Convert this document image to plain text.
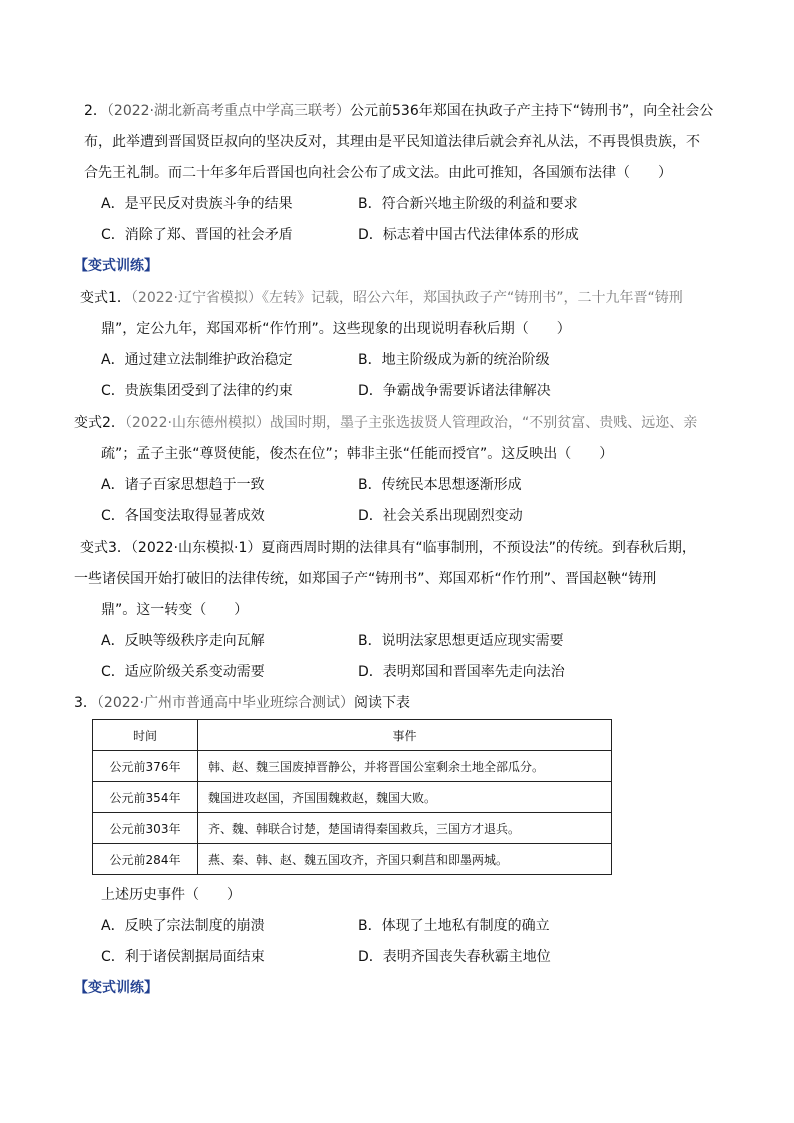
2．（2022·湖北新高考重点中学高三联考）公元前536年郑国在执政子产主持下“铸刑书”，向全社会公
布，此举遭到晋国贤臣叔向的坚决反对，其理由是平民知道法律后就会弃礼从法，不再畏惧贵族，不
合先王礼制。而二十年多年后晋国也向社会公布了成文法。由此可推知，各国颁布法律（　　）
A．是平民反对贵族斗争的结果	B．符合新兴地主阶级的利益和要求
C．消除了郑、晋国的社会矛盾	D．标志着中国古代法律体系的形成
【变式训练】
变式1．（2022·辽宁省模拟）《左转》记载，昭公六年，郑国执政子产“铸刑书”，二十九年晋“铸刑
鼎”，定公九年，郑国邓析“作竹刑”。这些现象的出现说明春秋后期（　　）
A．通过建立法制维护政治稳定	B．地主阶级成为新的统治阶级
C．贵族集团受到了法律的约束	D．争霸战争需要诉诸法律解决
变式2．（2022·山东德州模拟）战国时期，墨子主张选拔贤人管理政治，“不别贫富、贵贱、远迩、亲
疏”；孟子主张“尊贤使能，俊杰在位”；韩非主张“任能而授官”。这反映出（　　）
A．诸子百家思想趋于一致	B．传统民本思想逐渐形成
C．各国变法取得显著成效	D．社会关系出现剧烈变动
变式3．（2022·山东模拟·1）夏商西周时期的法律具有“临事制刑，不预设法”的传统。到春秋后期，
一些诸侯国开始打破旧的法律传统，如郑国子产“铸刑书”、郑国邓析“作竹刑”、晋国赵鞅“铸刑
鼎”。这一转变（　　）
A．反映等级秩序走向瓦解	B．说明法家思想更适应现实需要
C．适应阶级关系变动需要	D．表明郑国和晋国率先走向法治
3．（2022·广州市普通高中毕业班综合测试）阅读下表
时间	事件
公元前376年	韩、赵、魏三国废掉晋静公，并将晋国公室剩余土地全部瓜分。
公元前354年	魏国进攻赵国，齐国围魏救赵，魏国大败。
公元前303年	齐、魏、韩联合讨楚，楚国请得秦国救兵，三国方才退兵。
公元前284年	燕、秦、韩、赵、魏五国攻齐，齐国只剩莒和即墨两城。
上述历史事件（　　）
A．反映了宗法制度的崩溃	B．体现了土地私有制度的确立
C．利于诸侯割据局面结束	D．表明齐国丧失春秋霸主地位
【变式训练】
